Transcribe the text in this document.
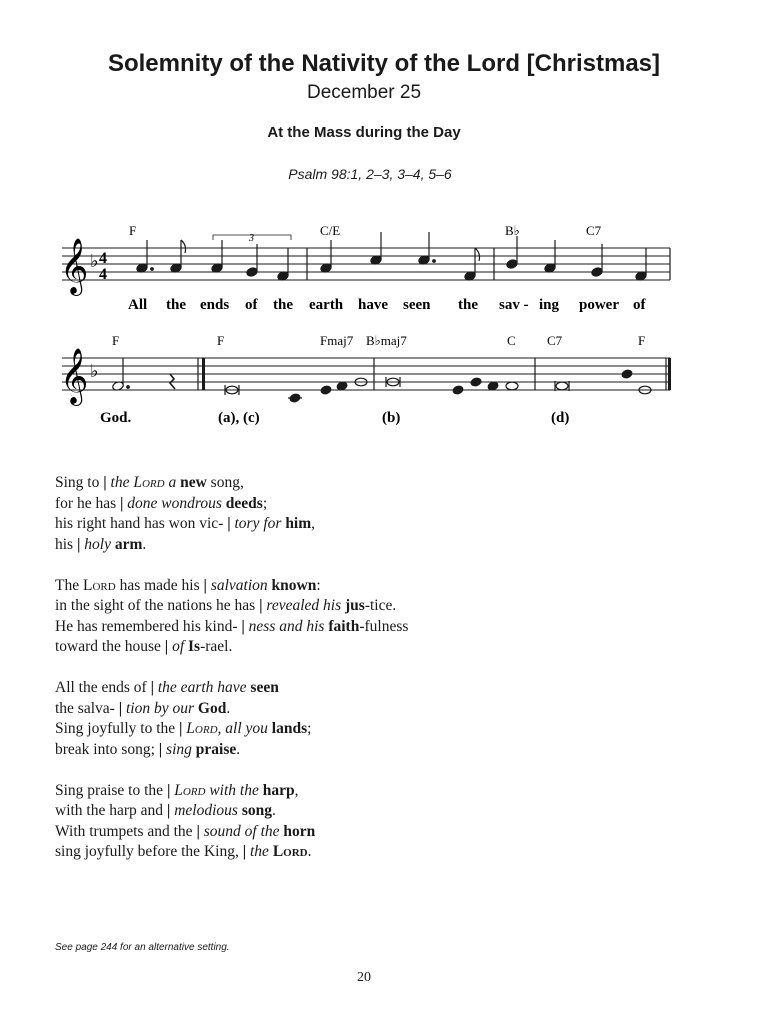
Solemnity of the Nativity of the Lord [Christmas]
December 25
At the Mass during the Day
Psalm 98:1, 2–3, 3–4, 5–6
𝄞 ♭ 4
4
3
F	C/E	B♭	C7
All the ends of the earth have seen the sav - ing power of
𝄞 ♭
F	F	Fmaj7 B♭maj7	C C7	F
God.	(a), (c)	(b)	(d)
Sing to | the Lord a new song,
for he has | done wondrous deeds;
his right hand has won vic- | tory for him,
his | holy arm.
The Lord has made his | salvation known:
in the sight of the nations he has | revealed his jus-tice.
He has remembered his kind- | ness and his faith-fulness
toward the house | of Is-rael.
All the ends of | the earth have seen
the salva- | tion by our God.
Sing joyfully to the | Lord, all you lands;
break into song; | sing praise.
Sing praise to the | Lord with the harp,
with the harp and | melodious song.
With trumpets and the | sound of the horn
sing joyfully before the King, | the Lord.
See page 244 for an alternative setting.
20
